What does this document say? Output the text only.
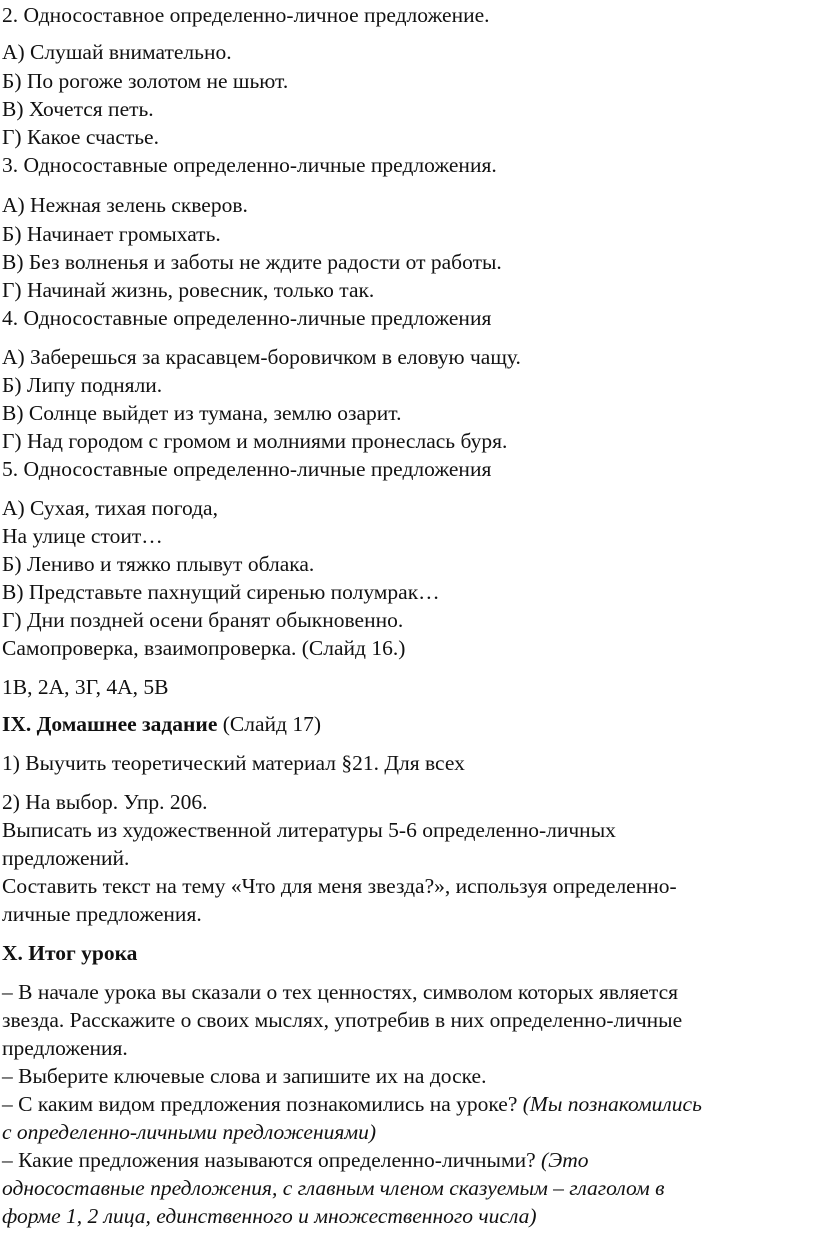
2. Односоставное определенно-личное предложение.
А) Слушай внимательно.
Б) По рогоже золотом не шьют.
В) Хочется петь.
Г) Какое счастье.
3. Односоставные определенно-личные предложения.
А) Нежная зелень скверов.
Б) Начинает громыхать.
В) Без волненья и заботы не ждите радости от работы.
Г) Начинай жизнь, ровесник, только так.
4. Односоставные определенно-личные предложения
А) Заберешься за красавцем-боровичком в еловую чащу.
Б) Липу подняли.
В) Солнце выйдет из тумана, землю озарит.
Г) Над городом с громом и молниями пронеслась буря.
5. Односоставные определенно-личные предложения
А) Сухая, тихая погода,
На улице стоит…
Б) Лениво и тяжко плывут облака.
В) Представьте пахнущий сиренью полумрак…
Г) Дни поздней осени бранят обыкновенно.
Самопроверка, взаимопроверка. (Слайд 16.)
1В, 2А, 3Г, 4А, 5В
IX. Домашнее задание (Слайд 17)
1) Выучить теоретический материал §21. Для всех
2) На выбор. Упр. 206.
Выписать из художественной литературы 5-6 определенно-личных
предложений.
Составить текст на тему «Что для меня звезда?», используя определенно-
личные предложения.
X. Итог урока
– В начале урока вы сказали о тех ценностях, символом которых является
звезда. Расскажите о своих мыслях, употребив в них определенно-личные
предложения.
– Выберите ключевые слова и запишите их на доске.
– С каким видом предложения познакомились на уроке? (Мы познакомились
с определенно-личными предложениями)
– Какие предложения называются определенно-личными? (Это
односоставные предложения, с главным членом сказуемым – глаголом в
форме 1, 2 лица, единственного и множественного числа)
